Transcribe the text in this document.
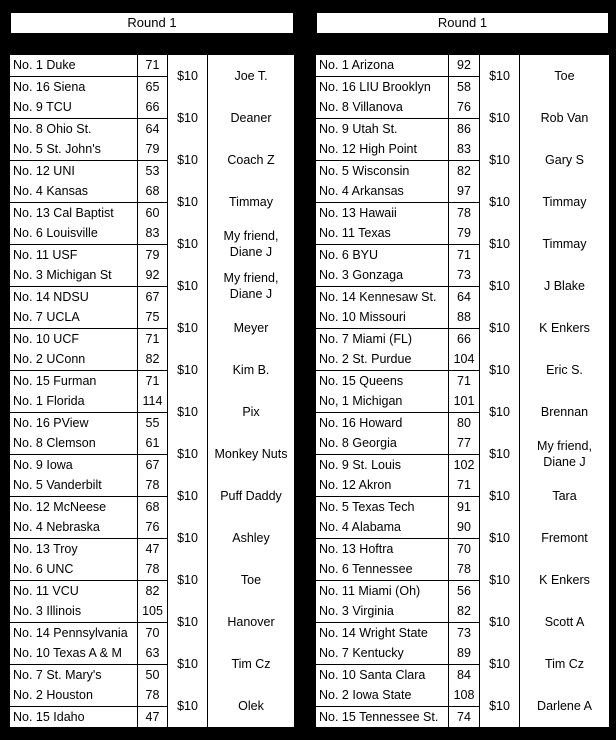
Round 1
No. 1 Duke	71
No. 16 Siena	65
$10	Joe T.
No. 9 TCU	66
No. 8 Ohio St.	64
$10	Deaner
No. 5 St. John's	79
No. 12 UNI	53
$10	Coach Z
No. 4 Kansas	68
No. 13 Cal Baptist	60
$10	Timmay
No. 6 Louisville	83
No. 11 USF	79
$10
My friend,
Diane J
No. 3 Michigan St	92
No. 14 NDSU	67
$10
My friend,
Diane J
No. 7 UCLA	75
No. 10 UCF	71
$10	Meyer
No. 2 UConn	82
No. 15 Furman	71
$10	Kim B.
No. 1 Florida	114
No. 16 PView	55
$10	Pix
No. 8 Clemson	61
No. 9 Iowa	67
$10	Monkey Nuts
No. 5 Vanderbilt	78
No. 12 McNeese	68
$10	Puff Daddy
No. 4 Nebraska	76
No. 13 Troy	47
$10	Ashley
No. 6 UNC	78
No. 11 VCU	82
$10	Toe
No. 3 Illinois	105
No. 14 Pennsylvania	70
$10	Hanover
No. 10 Texas A & M	63
No. 7 St. Mary's	50
$10	Tim Cz
No. 2 Houston	78
No. 15 Idaho	47
$10	Olek
Round 1
No. 1 Arizona	92
No. 16 LIU Brooklyn	58
$10	Toe
No. 8 Villanova	76
No. 9 Utah St.	86
$10	Rob Van
No. 12 High Point	83
No. 5 Wisconsin	82
$10	Gary S
No. 4 Arkansas	97
No. 13 Hawaii	78
$10	Timmay
No. 11 Texas	79
No. 6 BYU	71
$10	Timmay
No. 3 Gonzaga	73
No. 14 Kennesaw St.	64
$10	J Blake
No. 10 Missouri	88
No. 7 Miami (FL)	66
$10	K Enkers
No. 2 St. Purdue	104
No. 15 Queens	71
$10	Eric S.
No, 1 Michigan	101
No. 16 Howard	80
$10	Brennan
No. 8 Georgia	77
No. 9 St. Louis	102
$10
My friend,
Diane J
No. 12 Akron	71
No. 5 Texas Tech	91
$10	Tara
No. 4 Alabama	90
No. 13 Hoftra	70
$10	Fremont
No. 6 Tennessee	78
No. 11 Miami (Oh)	56
$10	K Enkers
No. 3 Virginia	82
No. 14 Wright State	73
$10	Scott A
No. 7 Kentucky	89
No. 10 Santa Clara	84
$10	Tim Cz
No. 2 Iowa State	108
No. 15 Tennessee St.	74
$10	Darlene A
